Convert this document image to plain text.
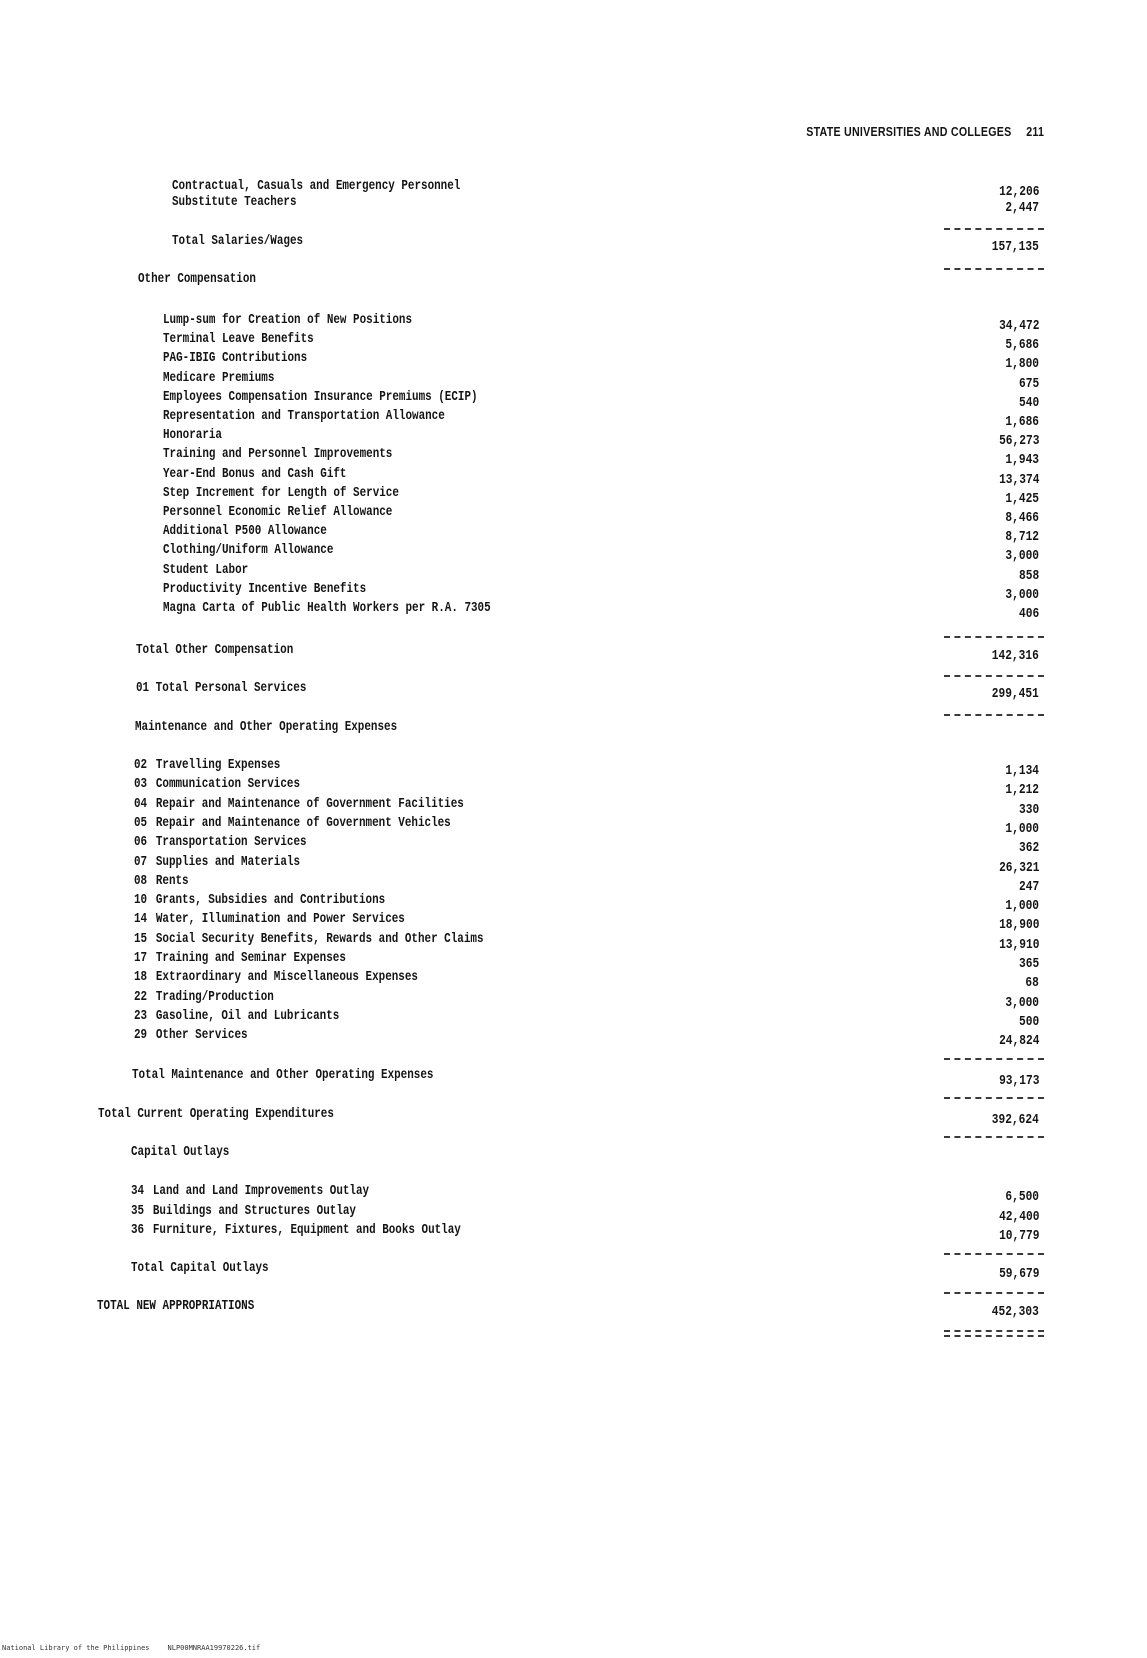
STATE UNIVERSITIES AND COLLEGES 211
Contractual, Casuals and Emergency Personnel	12,206
Substitute Teachers	2,447
Total Salaries/Wages	157,135
Other Compensation
Lump-sum for Creation of New Positions	34,472
Terminal Leave Benefits	5,686
PAG-IBIG Contributions	1,800
Medicare Premiums	675
Employees Compensation Insurance Premiums (ECIP)	540
Representation and Transportation Allowance	1,686
Honoraria	56,273
Training and Personnel Improvements	1,943
Year-End Bonus and Cash Gift	13,374
Step Increment for Length of Service	1,425
Personnel Economic Relief Allowance	8,466
Additional P500 Allowance	8,712
Clothing/Uniform Allowance	3,000
Student Labor	858
Productivity Incentive Benefits	3,000
Magna Carta of Public Health Workers per R.A. 7305	406
Total Other Compensation	142,316
01 Total Personal Services	299,451
Maintenance and Other Operating Expenses
02 Travelling Expenses	1,134
03 Communication Services	1,212
04 Repair and Maintenance of Government Facilities	330
05 Repair and Maintenance of Government Vehicles	1,000
06 Transportation Services	362
07 Supplies and Materials	26,321
08 Rents	247
10 Grants, Subsidies and Contributions	1,000
14 Water, Illumination and Power Services	18,900
15 Social Security Benefits, Rewards and Other Claims	13,910
17 Training and Seminar Expenses	365
18 Extraordinary and Miscellaneous Expenses	68
22 Trading/Production	3,000
23 Gasoline, Oil and Lubricants	500
29 Other Services	24,824
Total Maintenance and Other Operating Expenses	93,173
Total Current Operating Expenditures	392,624
Capital Outlays
34 Land and Land Improvements Outlay	6,500
35 Buildings and Structures Outlay	42,400
36 Furniture, Fixtures, Equipment and Books Outlay	10,779
Total Capital Outlays	59,679
TOTAL NEW APPROPRIATIONS	452,303
National Library of the Philippines	NLP00MNRAA19970226.tif
